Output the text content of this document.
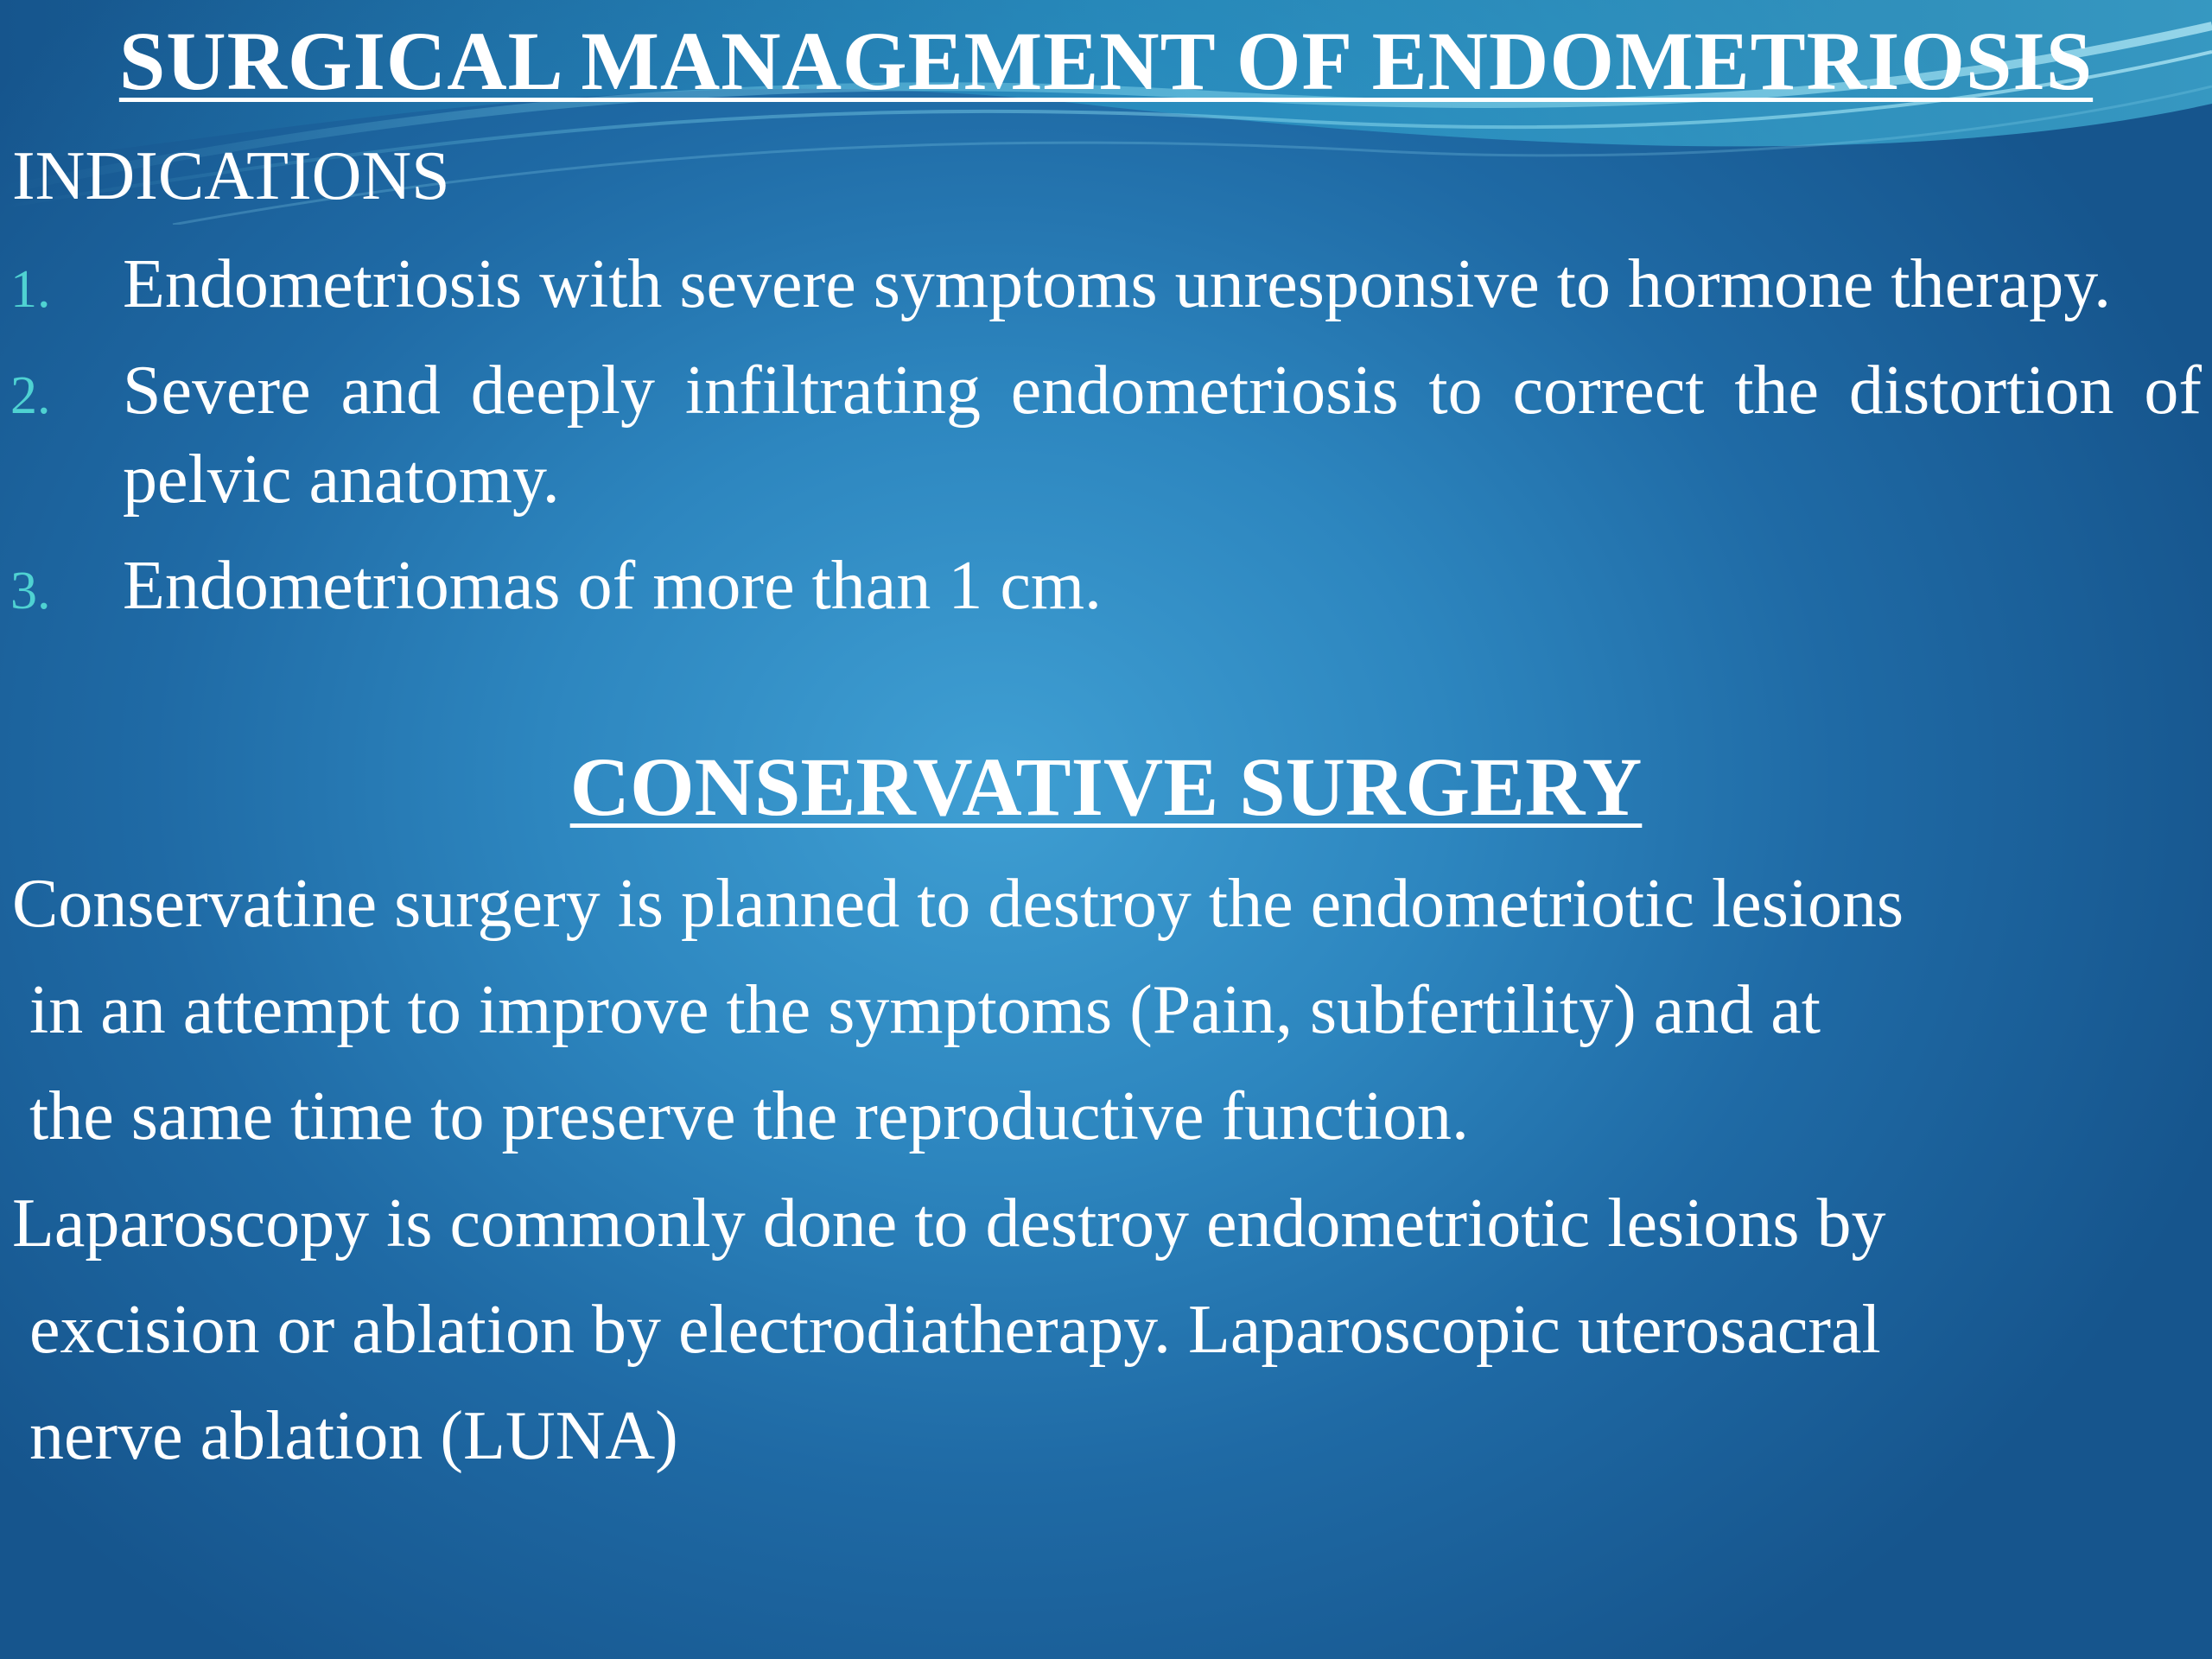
SURGICAL MANAGEMENT OF ENDOMETRIOSIS
INDICATIONS
1. Endometriosis with severe symptoms unresponsive to hormone therapy.
2. Severe and deeply infiltrating endometriosis to correct the distortion of pelvic anatomy.
3. Endometriomas of more than 1 cm.
CONSERVATIVE SURGERY

Conservatine surgery is planned to destroy the endometriotic lesions
in an attempt to improve the symptoms (Pain, subfertility) and at
the same time to preserve the reproductive function.

Laparoscopy is commonly done to destroy endometriotic lesions by
excision or ablation by electrodiatherapy. Laparoscopic uterosacral
nerve ablation (LUNA)
